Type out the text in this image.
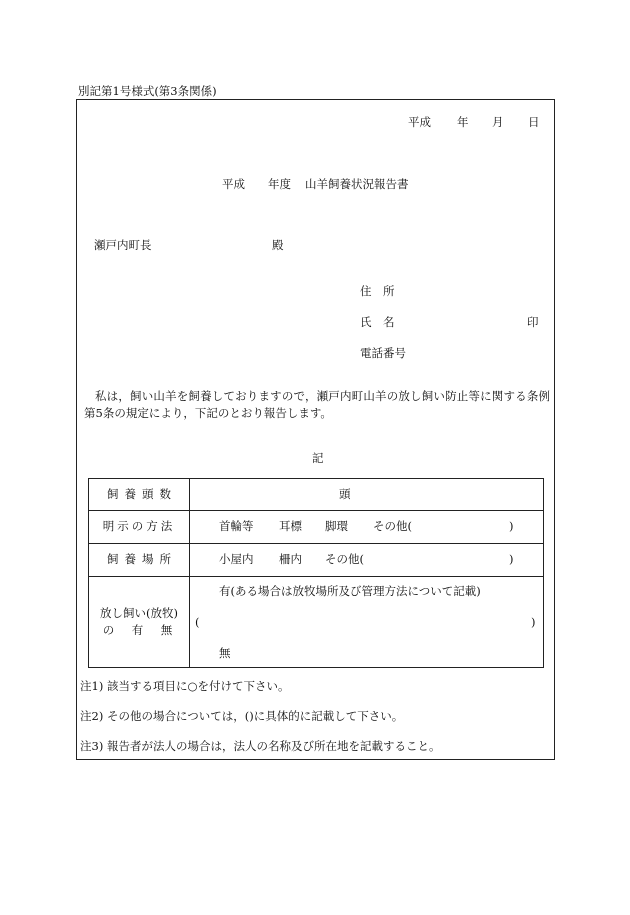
別記第1号様式(第3条関係)
平成 年 月 日
平成 年度 山羊飼養状況報告書
瀬戸内町長	殿
住　所
氏　名	印
電話番号
私は，飼い山羊を飼養しておりますので，瀬戸内町山羊の放し飼い防止等に関する条例第5条の規定により，下記のとおり報告します。
記
飼養頭数	頭
明示の方法	首輪等 耳標 脚環 その他(	)
飼養場所	小屋内 柵内 その他(	)
放し飼い(放牧)
の　有　無
有(ある場合は放牧場所及び管理方法について記載)
(	)
無
注1) 該当する項目に○を付けて下さい。
注2) その他の場合については，()に具体的に記載して下さい。
注3) 報告者が法人の場合は，法人の名称及び所在地を記載すること。
